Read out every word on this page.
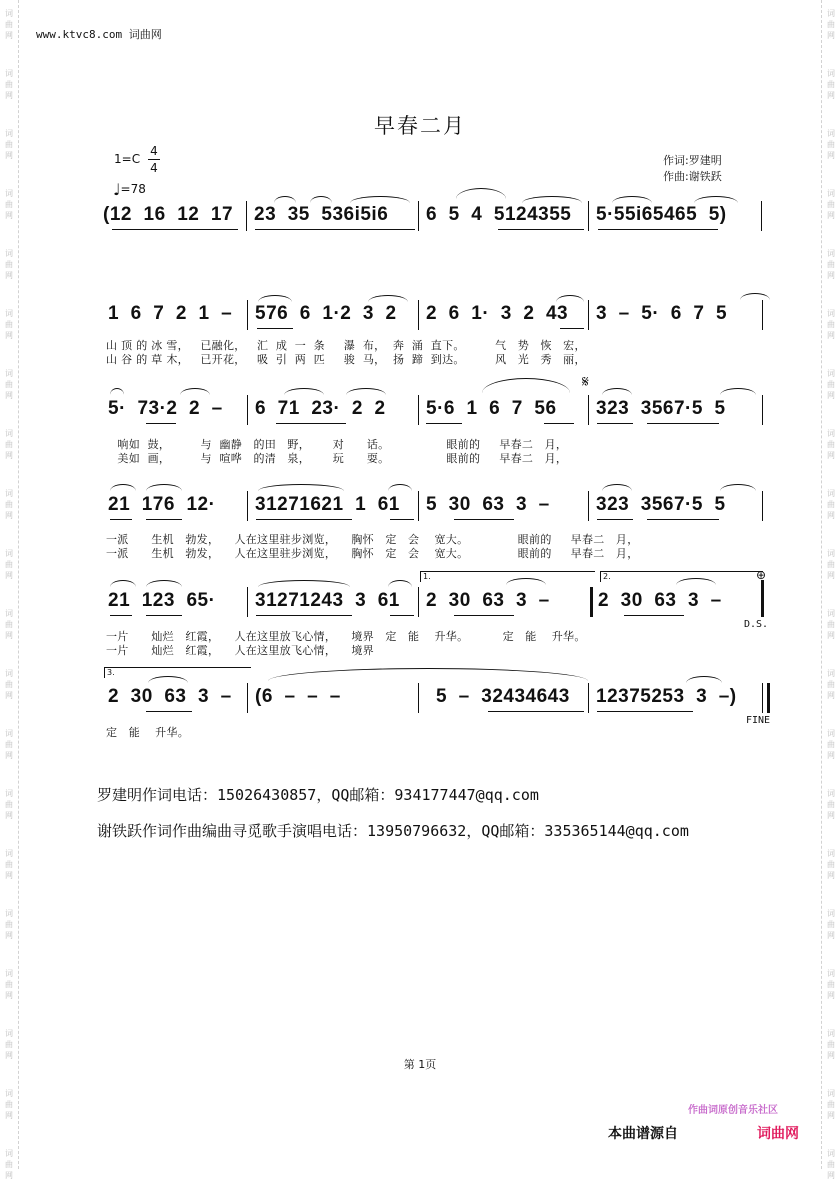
词
曲
网
词
曲
网
词
曲
网
词
曲
网
词
曲
网
词
曲
网
词
曲
网
词
曲
网
词
曲
网
词
曲
网
词
曲
网
词
曲
网
词
曲
网
词
曲
网
词
曲
网
词
曲
网
词
曲
网
词
曲
网
词
曲
网
词
曲
网
词
曲
网
词
曲
网
词
曲
网
词
曲
网
词
曲
网
词
曲
网
词
曲
网
词
曲
网
词
曲
网
词
曲
网
词
曲
网
词
曲
网
词
曲
网
词
曲
网
词
曲
网
词
曲
网
词
曲
网
词
曲
网
词
曲
网
词
曲
网
www.ktvc8.com 词曲网
早春二月
1=C
4
4
♩=78
作词:罗建明
作曲:谢铁跃
(12  16  12  17 23  35  536i5i6 6  5  4  5124355 5·55i65465  5)
1  6  7  2  1  – 576  6  1·2  3  2 2  6  1·  3  2  43 3  –  5·  6  7  5
山 顶 的 冰 雪，   已融化，   汇  成  一  条     瀑  布，  奔  涌  直下。        气   势   恢   宏，
山 谷 的 草 木，   已开花，   吸  引  两  匹     骏  马，  扬  蹄  到达。        风   光   秀   丽，
5·  73·2  2  – 6  71  23·  2  2 5·6  1  6  7  56 323  3567·5  5
𝄋
响如  鼓，        与  幽静   的田   野，      对      话。               眼前的     早春二   月，
美如  画，        与  喧哗   的清   泉，      玩      耍。               眼前的     早春二   月，
21  176  12· 31271621  1  61 5  30  63  3  – 323  3567·5  5
一派      生机   勃发，    人在这里驻步浏览，    胸怀   定   会    宽大。             眼前的     早春二   月，
一派      生机   勃发，    人在这里驻步浏览，    胸怀   定   会    宽大。             眼前的     早春二   月，
1.	2.
21  123  65· 31271243  3  61 2  30  63  3  –	2  30  63  3  –
⊕
D.S.
一片      灿烂   红霞，    人在这里放飞心情，    境界   定   能    升华。         定   能    升华。
一片      灿烂   红霞，    人在这里放飞心情，    境界
3.
2  30  63  3  – (6  –  –  –	5  –  32434643 12375253  3  –)
FINE
定   能    升华。
罗建明作词电话：15026430857，QQ邮箱：934177447@qq.com
谢铁跃作词作曲编曲寻觅歌手演唱电话：13950796632，QQ邮箱：335365144@qq.com
第 1页
作曲词原创音乐社区
本曲谱源自	词曲网
